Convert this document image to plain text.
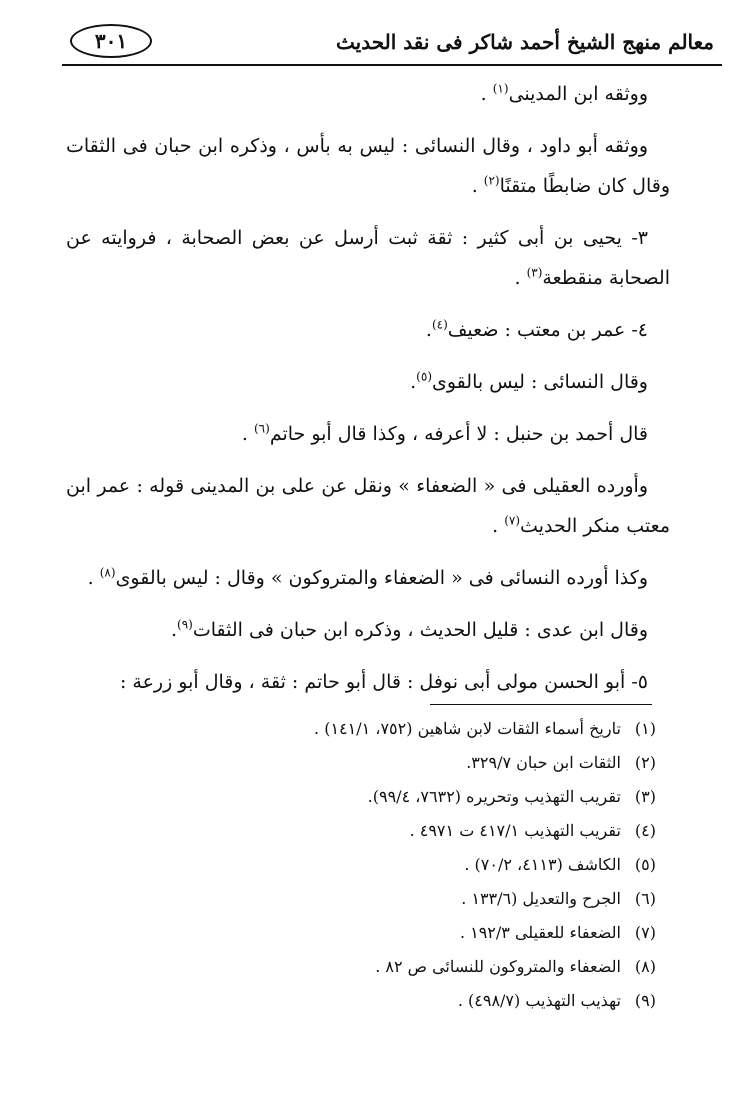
٣٠١	معالم منهج الشيخ أحمد شاكر فى نقد الحديث

ووثقه ابن المدينى$^{(١)}$ .

ووثقه أبو داود ، وقال النسائى : ليس به بأس ، وذكره ابن حبان فى الثقات وقال كان ضابطًا متقنًا$^{(٢)}$ .

٣- يحيى بن أبى كثير : ثقة ثبت أرسل عن بعض الصحابة ، فروايته عن الصحابة منقطعة$^{(٣)}$ .

٤- عمر بن معتب : ضعيف$^{(٤)}$.

وقال النسائى : ليس بالقوى$^{(٥)}$.

قال أحمد بن حنبل : لا أعرفه ، وكذا قال أبو حاتم$^{(٦)}$ .

وأورده العقيلى فى « الضعفاء » ونقل عن على بن المدينى قوله : عمر ابن معتب منكر الحديث$^{(٧)}$ .

وكذا أورده النسائى فى « الضعفاء والمتروكون » وقال : ليس بالقوى$^{(٨)}$ .

وقال ابن عدى : قليل الحديث ، وذكره ابن حبان فى الثقات$^{(٩)}$.

٥- أبو الحسن مولى أبى نوفل : قال أبو حاتم : ثقة ، وقال أبو زرعة :

(١) تاريخ أسماء الثقات لابن شاهين (٧٥٢، ١٤١/١) .
(٢) الثقات ابن حبان ٣٢٩/٧.
(٣) تقريب التهذيب وتحريره (٧٦٣٢، ٩٩/٤).
(٤) تقريب التهذيب ٤١٧/١ ت ٤٩٧١ .
(٥) الكاشف (٤١١٣، ٧٠/٢) .
(٦) الجرح والتعديل (١٣٣/٦ .
(٧) الضعفاء للعقيلى ١٩٢/٣ .
(٨) الضعفاء والمتروكون للنسائى ص ٨٢ .
(٩) تهذيب التهذيب (٤٩٨/٧) .
